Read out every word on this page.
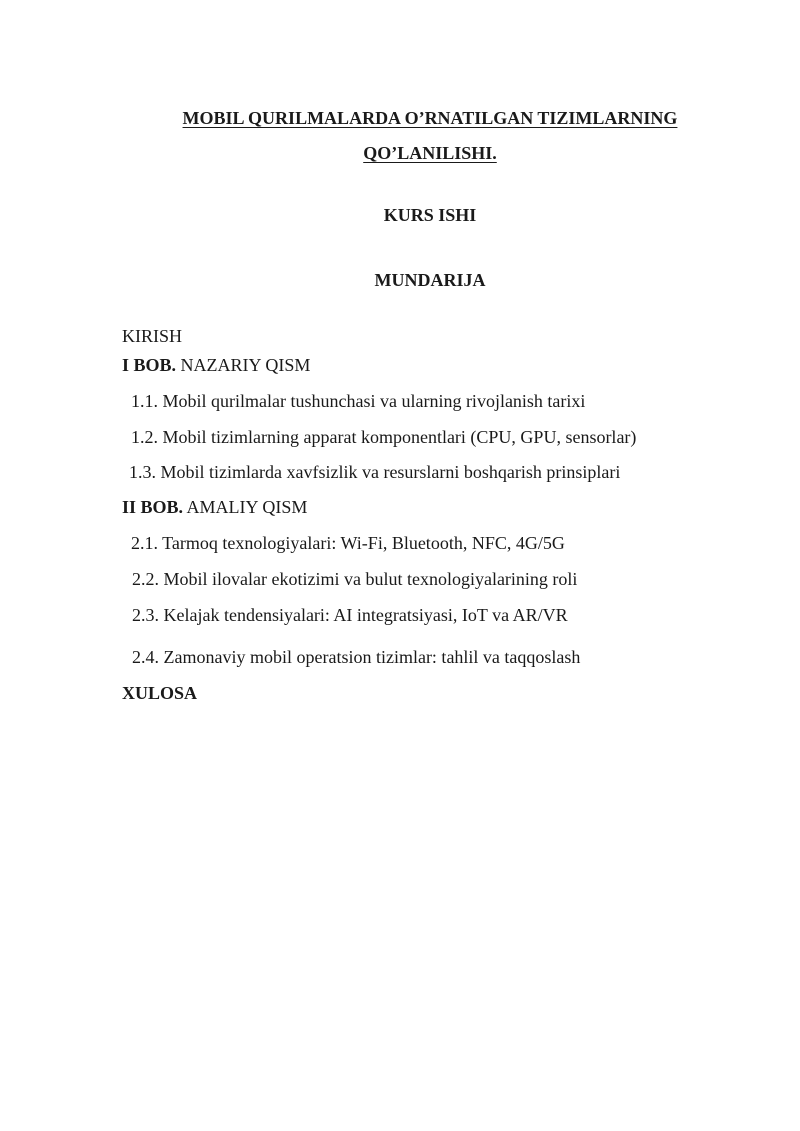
MOBIL QURILMALARDA O’RNATILGAN TIZIMLARNING
QO’LANILISHI.
KURS ISHI
MUNDARIJA
KIRISH
I BOB. NAZARIY QISM
1.1. Mobil qurilmalar tushunchasi va ularning rivojlanish tarixi
1.2. Mobil tizimlarning apparat komponentlari (CPU, GPU, sensorlar)
1.3. Mobil tizimlarda xavfsizlik va resurslarni boshqarish prinsiplari
II BOB. AMALIY QISM
2.1. Tarmoq texnologiyalari: Wi-Fi, Bluetooth, NFC, 4G/5G
2.2. Mobil ilovalar ekotizimi va bulut texnologiyalarining roli
2.3. Kelajak tendensiyalari: AI integratsiyasi, IoT va AR/VR
2.4. Zamonaviy mobil operatsion tizimlar: tahlil va taqqoslash
XULOSA
